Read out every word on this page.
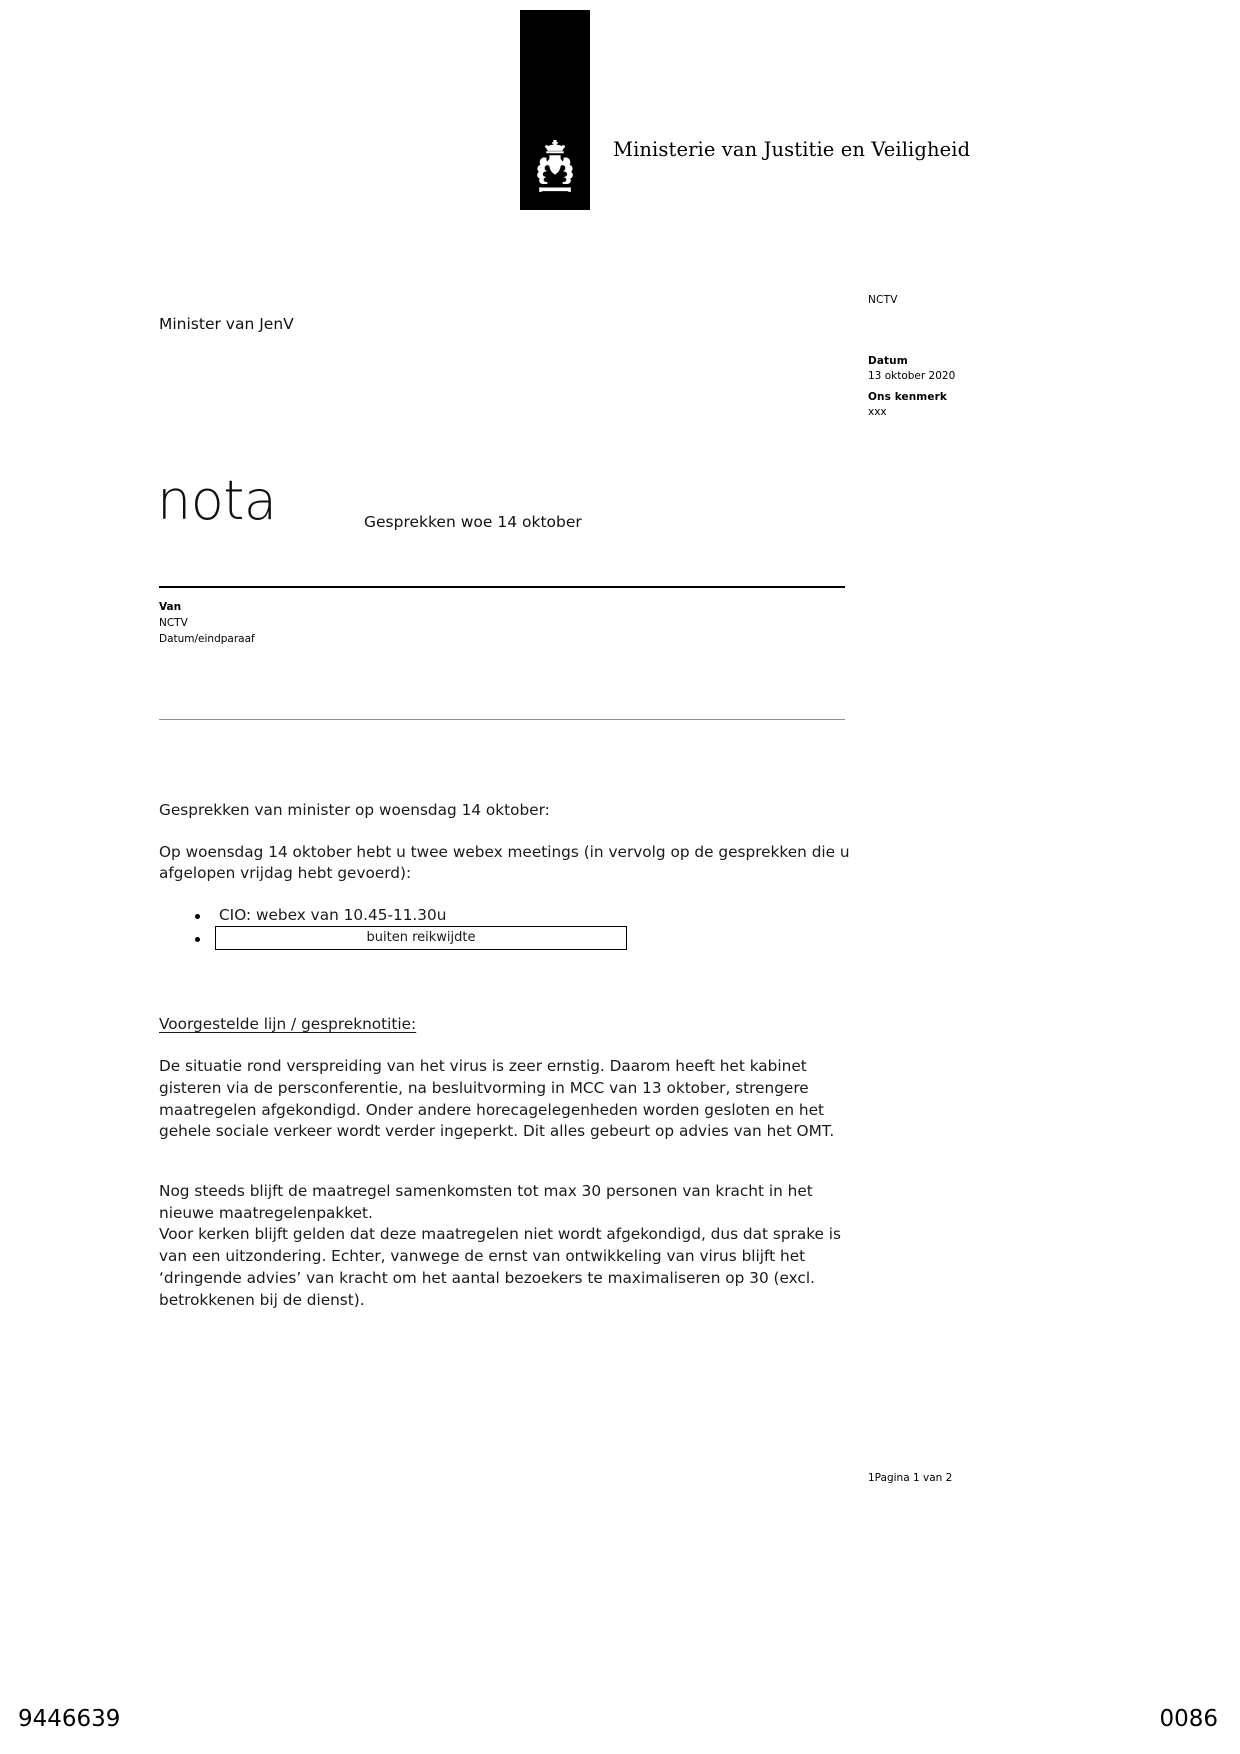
Ministerie van Justitie en Veiligheid
Minister van JenV
NCTV
Datum
13 oktober 2020
Ons kenmerk
xxx
nota	Gesprekken woe 14 oktober
Van
NCTV
Datum/eindparaaf

Gesprekken van minister op woensdag 14 oktober:

Op woensdag 14 oktober hebt u twee webex meetings (in vervolg op de gesprekken die u afgelopen vrijdag hebt gevoerd):

CIO: webex van 10.45-11.30u
buiten reikwijdte

Voorgestelde lijn / gespreknotitie:

De situatie rond verspreiding van het virus is zeer ernstig. Daarom heeft het kabinet gisteren via de persconferentie, na besluitvorming in MCC van 13 oktober, strengere maatregelen afgekondigd. Onder andere horecagelegenheden worden gesloten en het gehele sociale verkeer wordt verder ingeperkt. Dit alles gebeurt op advies van het OMT.

Nog steeds blijft de maatregel samenkomsten tot max 30 personen van kracht in het nieuwe maatregelenpakket.

Voor kerken blijft gelden dat deze maatregelen niet wordt afgekondigd, dus dat sprake is van een uitzondering. Echter, vanwege de ernst van ontwikkeling van virus blijft het ‘dringende advies’ van kracht om het aantal bezoekers te maximaliseren op 30 (excl. betrokkenen bij de dienst).

1Pagina 1 van 2
9446639	0086
